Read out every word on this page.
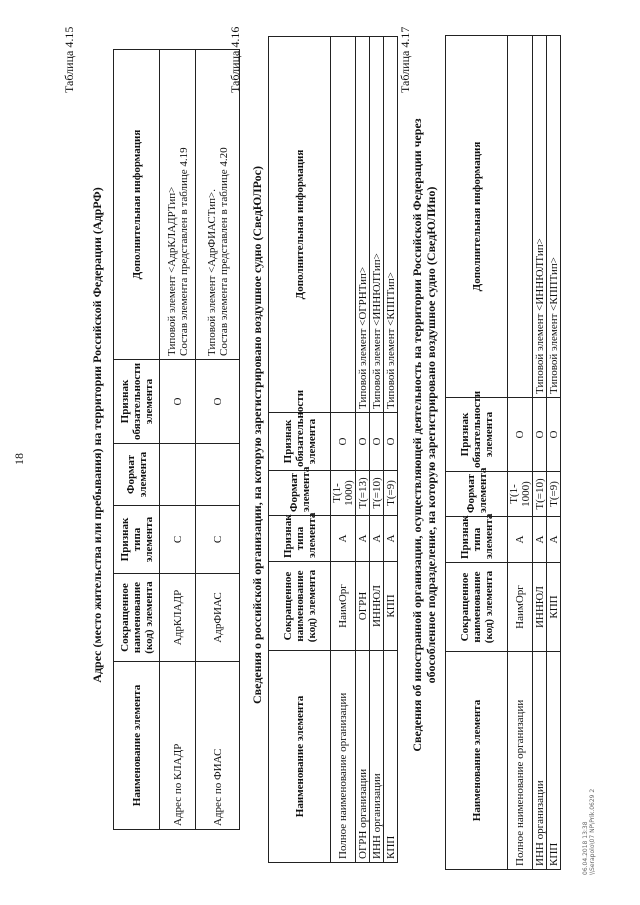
18
Таблица 4.15
Адрес (место жительства или пребывания) на территории Российской Федерации (АдрРФ)
Наименование элемента	Сокращенное наименование (код) элемента	Признак типа элемента	Формат элемента	Признак обязательности элемента	Дополнительная информация
Адрес по КЛАДР	АдрКЛАДР	С		О	Типовой элемент <АдрКЛАДРТип> Состав элемента представлен в таблице 4.19

Адрес по ФИАС	АдрФИАС	С		О	Типовой элемент <АдрФИАСТип>. Состав элемента представлен в таблице 4.20
Таблица 4.16
Сведения о российской организации, на которую зарегистрировано воздушное судно (СведЮЛРос)
Наименование элемента	Сокращенное наименование (код) элемента	Признак типа элемента	Формат элемента	Признак обязательности элемента	Дополнительная информация
Полное наименование организации	НаимОрг	А	T(1-1000)	О	
ОГРН организации	ОГРН	А	T(=13)	О	Типовой элемент <ОГРНТип>
ИНН организации	ИННЮЛ	А	T(=10)	О	Типовой элемент <ИННЮЛТип>
КПП	КПП	А	T(=9)	О	Типовой элемент <КППТип>
Таблица 4.17
Сведения об иностранной организации, осуществляющей деятельность на территории Российской Федерации через обособленное подразделение, на которую зарегистрировано воздушное судно (СведЮЛИно)
Наименование элемента	Сокращенное наименование (код) элемента	Признак типа элемента	Формат элемента	Признак обязательности элемента	Дополнительная информация
Полное наименование организации	НаимОрг	А	T(1-1000)	О	
ИНН организации	ИННЮЛ	А	T(=10)	О	Типовой элемент <ИННЮЛТип>
КПП	КПП	А	T(=9)	О	Типовой элемент <КППТип>
06.04.2018 13:38 \\Serapolo\07 NP\Prik.0629 2
